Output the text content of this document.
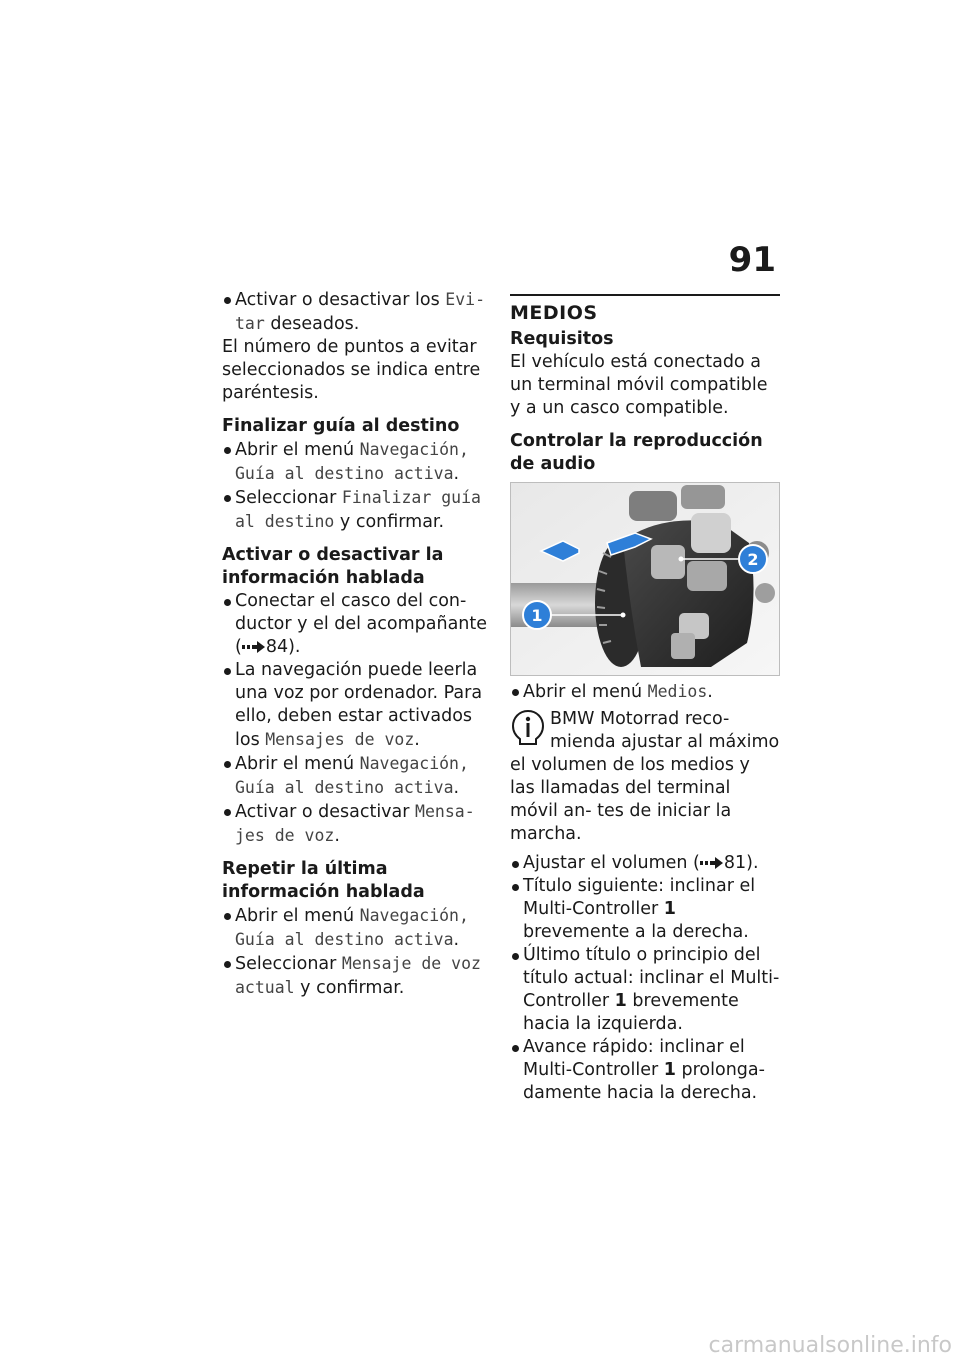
91
Activar o desactivar los Evi- tar deseados.

El número de puntos a evitar seleccionados se indica entre paréntesis.

Finalizar guía al destino
Abrir el menú Navegación, Guía al destino activa.
Seleccionar Finalizar guía al destino y confirmar.
Activar o desactivar la información hablada
Conectar el casco del con- ductor y el del acompañante ( 84).
La navegación puede leerla una voz por ordenador. Para ello, deben estar activados los Mensajes de voz.
Abrir el menú Navegación, Guía al destino activa.
Activar o desactivar Mensa- jes de voz.
Repetir la última información hablada
Abrir el menú Navegación, Guía al destino activa.
Seleccionar Mensaje de voz actual y confirmar.
MEDIOS
Requisitos

El vehículo está conectado a un terminal móvil compatible y a un casco compatible.

Controlar la reproducción de audio
1
2
Abrir el menú Medios.

BMW Motorrad reco- mienda ajustar al máximo el volumen de los medios y las llamadas del terminal móvil an- tes de iniciar la marcha.

Ajustar el volumen ( 81).
Título siguiente: inclinar el Multi-Controller 1 brevemente a la derecha.
Último título o principio del título actual: inclinar el Multi- Controller 1 brevemente hacia la izquierda.
Avance rápido: inclinar el Multi-Controller 1 prolonga- damente hacia la derecha.
carmanualsonline.info
